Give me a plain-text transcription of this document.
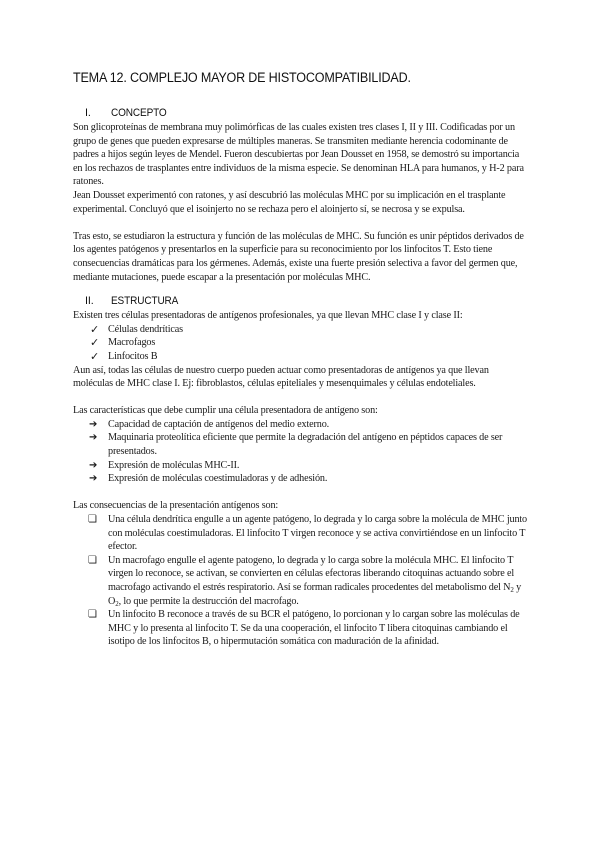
TEMA 12. COMPLEJO MAYOR DE HISTOCOMPATIBILIDAD.
I.	CONCEPTO

Son glicoproteínas de membrana muy polimórficas de las cuales existen tres clases I, II y III. Codificadas por un grupo de genes que pueden expresarse de múltiples maneras. Se transmiten mediante herencia codominante de padres a hijos según leyes de Mendel. Fueron descubiertas por Jean Dousset en 1958, se demostró su importancia en los rechazos de trasplantes entre individuos de la misma especie. Se denominan HLA para humanos, y H-2 para ratones.

Jean Dousset experimentó con ratones, y así descubrió las moléculas MHC por su implicación en el trasplante experimental. Concluyó que el isoinjerto no se rechaza pero el aloinjerto sí, se necrosa y se expulsa.

Tras esto, se estudiaron la estructura y función de las moléculas de MHC. Su función es unir péptidos derivados de los agentes patógenos y presentarlos en la superficie para su reconocimiento por los linfocitos T. Esto tiene consecuencias dramáticas para los gérmenes. Además, existe una fuerte presión selectiva a favor del germen que, mediante mutaciones, puede escapar a la presentación por moléculas MHC.

II.	ESTRUCTURA

Existen tres células presentadoras de antígenos profesionales, ya que llevan MHC clase I y clase II:

✓ Células dendríticas
✓ Macrofagos
✓ Linfocitos B

Aun así, todas las células de nuestro cuerpo pueden actuar como presentadoras de antígenos ya que llevan moléculas de MHC clase I. Ej: fibroblastos, células epiteliales y mesenquimales y células endoteliales.

Las características que debe cumplir una célula presentadora de antígeno son:

➔	Capacidad de captación de antígenos del medio externo.
➔	Maquinaria proteolítica eficiente que permite la degradación del antígeno en péptidos capaces de ser presentados.
➔	Expresión de moléculas MHC-II.
➔	Expresión de moléculas coestimuladoras y de adhesión.

Las consecuencias de la presentación antígenos son:

❏	Una célula dendrítica engulle a un agente patógeno, lo degrada y lo carga sobre la molécula de MHC junto con moléculas coestimuladoras. El linfocito T virgen reconoce y se activa convirtiéndose en un linfocito T efector.
❏	Un macrofago engulle el agente patogeno, lo degrada y lo carga sobre la molécula MHC. El linfocito T virgen lo reconoce, se activan, se convierten en células efectoras liberando citoquinas actuando sobre el macrofago activando el estrés respiratorio. Así se forman radicales procedentes del metabolismo del $N_2$ y $O_2$, lo que permite la destrucción del macrofago.
❏	Un linfocito B reconoce a través de su BCR el patógeno, lo porcionan y lo cargan sobre las moléculas de MHC y lo presenta al linfocito T. Se da una cooperación, el linfocito T libera citoquinas cambiando el isotipo de los linfocitos B, o hipermutación somática con maduración de la afinidad.
